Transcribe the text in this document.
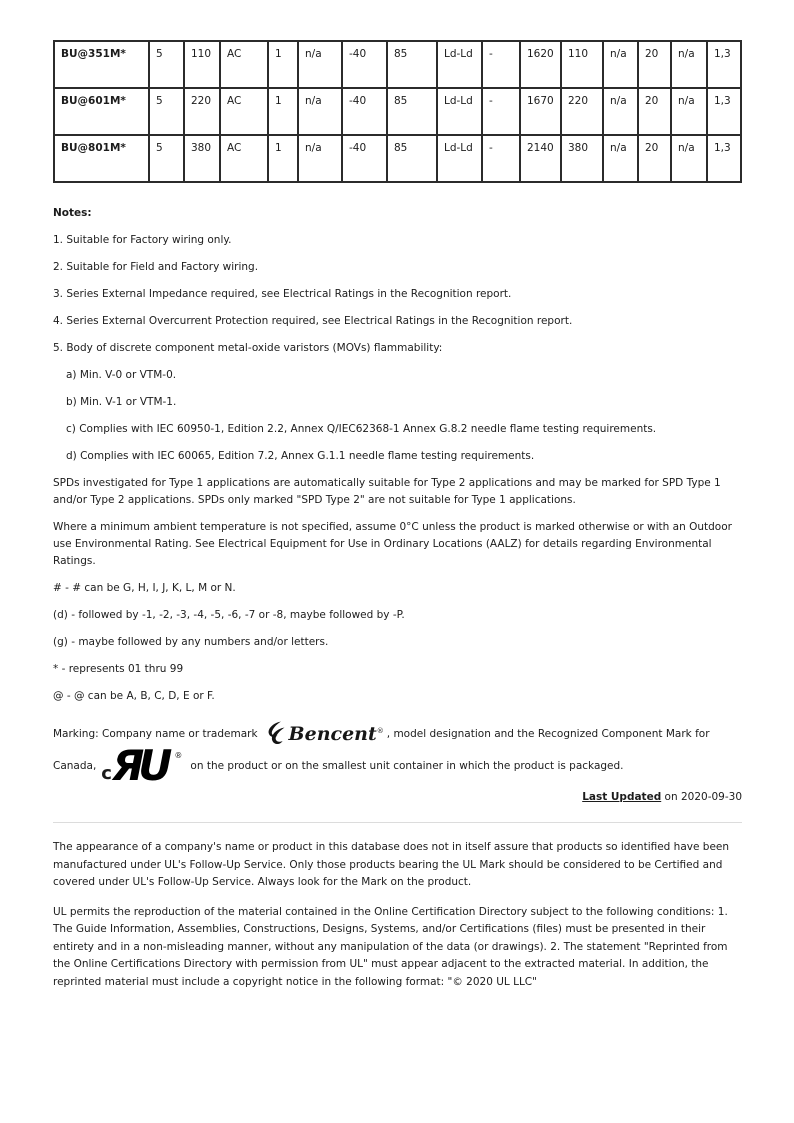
BU@351M*	5	110	AC	1	n/a	-40	85	Ld-Ld	-	1620	110	n/a	20	n/a	1,3
BU@601M*	5	220	AC	1	n/a	-40	85	Ld-Ld	-	1670	220	n/a	20	n/a	1,3
BU@801M*	5	380	AC	1	n/a	-40	85	Ld-Ld	-	2140	380	n/a	20	n/a	1,3

Notes:

1. Suitable for Factory wiring only.

2. Suitable for Field and Factory wiring.

3. Series External Impedance required, see Electrical Ratings in the Recognition report.

4. Series External Overcurrent Protection required, see Electrical Ratings in the Recognition report.

5. Body of discrete component metal-oxide varistors (MOVs) flammability:

a) Min. V-0 or VTM-0.

b) Min. V-1 or VTM-1.

c) Complies with IEC 60950-1, Edition 2.2, Annex Q/IEC62368-1 Annex G.8.2 needle flame testing requirements.

d) Complies with IEC 60065, Edition 7.2, Annex G.1.1 needle flame testing requirements.

SPDs investigated for Type 1 applications are automatically suitable for Type 2 applications and may be marked for SPD Type 1 and/or Type 2 applications. SPDs only marked "SPD Type 2" are not suitable for Type 1 applications.

Where a minimum ambient temperature is not specified, assume 0°C unless the product is marked otherwise or with an Outdoor use Environmental Rating. See Electrical Equipment for Use in Ordinary Locations (AALZ) for details regarding Environmental Ratings.

# - # can be G, H, I, J, K, L, M or N.

(d) - followed by -1, -2, -3, -4, -5, -6, -7 or -8, maybe followed by -P.

(g) - maybe followed by any numbers and/or letters.

* - represents 01 thru 99

@ - @ can be A, B, C, D, E or F.

Marking: Company name or trademark Bencent ® , model designation and the Recognized Component Mark for
Canada, c ЯU	®
on the product or on the smallest unit container in which the product is packaged.
Last Updated on 2020-09-30

The appearance of a company's name or product in this database does not in itself assure that products so identified have been manufactured under UL's Follow-Up Service. Only those products bearing the UL Mark should be considered to be Certified and covered under UL's Follow-Up Service. Always look for the Mark on the product.

UL permits the reproduction of the material contained in the Online Certification Directory subject to the following conditions: 1. The Guide Information, Assemblies, Constructions, Designs, Systems, and/or Certifications (files) must be presented in their entirety and in a non-misleading manner, without any manipulation of the data (or drawings). 2. The statement "Reprinted from the Online Certifications Directory with permission from UL" must appear adjacent to the extracted material. In addition, the reprinted material must include a copyright notice in the following format: "© 2020 UL LLC"
